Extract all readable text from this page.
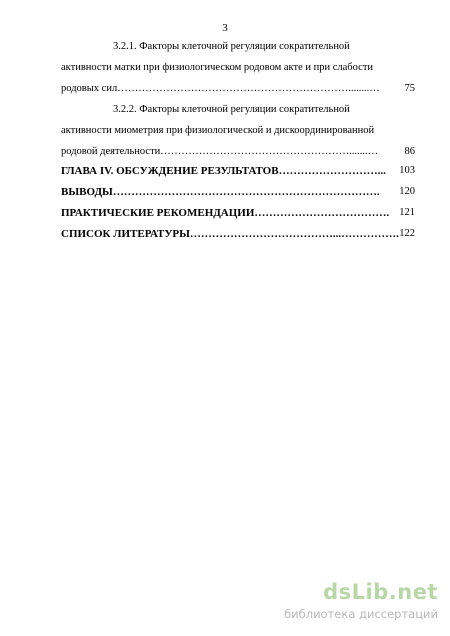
3
3.2.1. Факторы клеточной регуляции сократительной
активности матки при физиологическом родовом акте и при слабости
родовых сил…………………………………………………………........…	75
3.2.2. Факторы клеточной регуляции сократительной
активности миометрия при физиологической и дискоординированной
родовой деятельности……………………………………………….......…	86
ГЛАВА IV. ОБСУЖДЕНИЕ РЕЗУЛЬТАТОВ………………………...	103
ВЫВОДЫ……………………………………………………………….	120
ПРАКТИЧЕСКИЕ РЕКОМЕНДАЦИИ………………………………. 121
СПИСОК ЛИТЕРАТУРЫ…………………………………...……………. 122
dsLib.net
библиотека диссертаций
